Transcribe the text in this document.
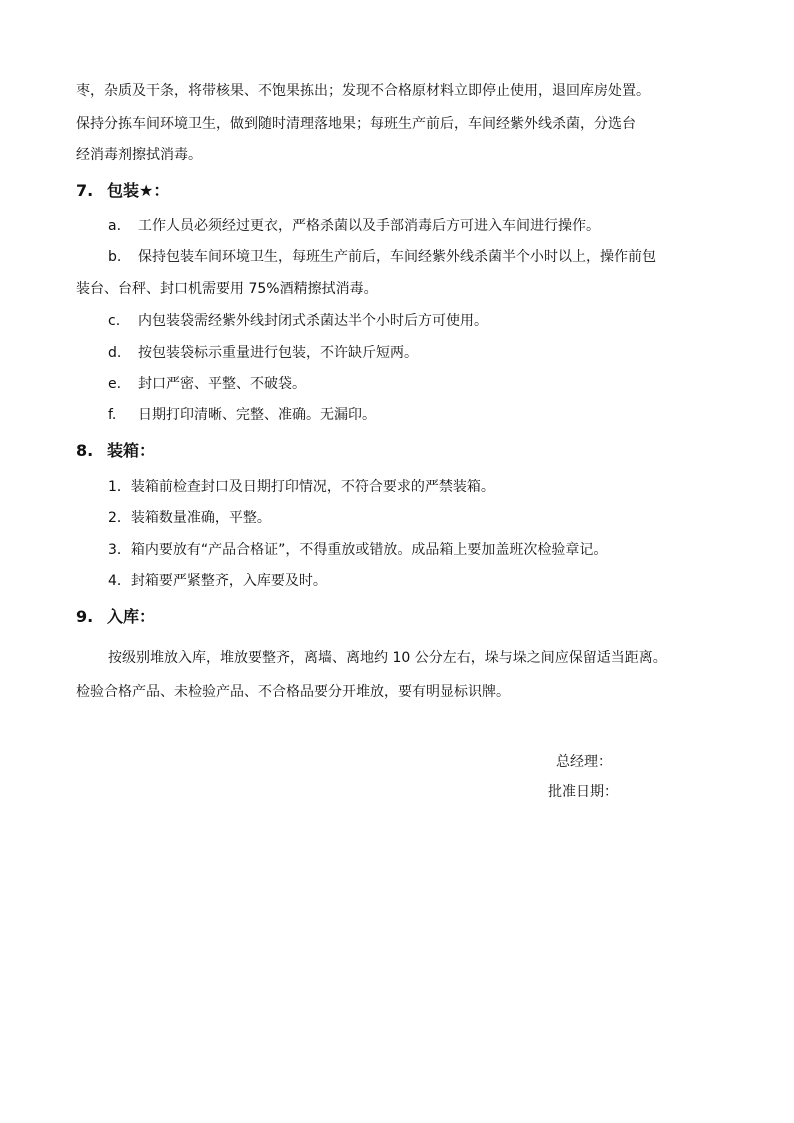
枣，杂质及干条，将带核果、不饱果拣出；发现不合格原材料立即停止使用，退回库房处置。
保持分拣车间环境卫生，做到随时清理落地果；每班生产前后，车间经紫外线杀菌，分选台
经消毒剂擦拭消毒。
7. 包装★：
a. 工作人员必须经过更衣，严格杀菌以及手部消毒后方可进入车间进行操作。
b. 保持包装车间环境卫生，每班生产前后，车间经紫外线杀菌半个小时以上，操作前包
装台、台秤、封口机需要用 75%酒精擦拭消毒。
c. 内包装袋需经紫外线封闭式杀菌达半个小时后方可使用。
d. 按包装袋标示重量进行包装，不许缺斤短两。
e. 封口严密、平整、不破袋。
f. 日期打印清晰、完整、准确。无漏印。
8. 装箱：
1．装箱前检查封口及日期打印情况，不符合要求的严禁装箱。
2．装箱数量准确，平整。
3．箱内要放有“产品合格证”，不得重放或错放。成品箱上要加盖班次检验章记。
4．封箱要严紧整齐，入库要及时。
9. 入库：
按级别堆放入库，堆放要整齐，离墙、离地约 10 公分左右，垛与垛之间应保留适当距离。
检验合格产品、未检验产品、不合格品要分开堆放，要有明显标识牌。
总经理：
批准日期：
